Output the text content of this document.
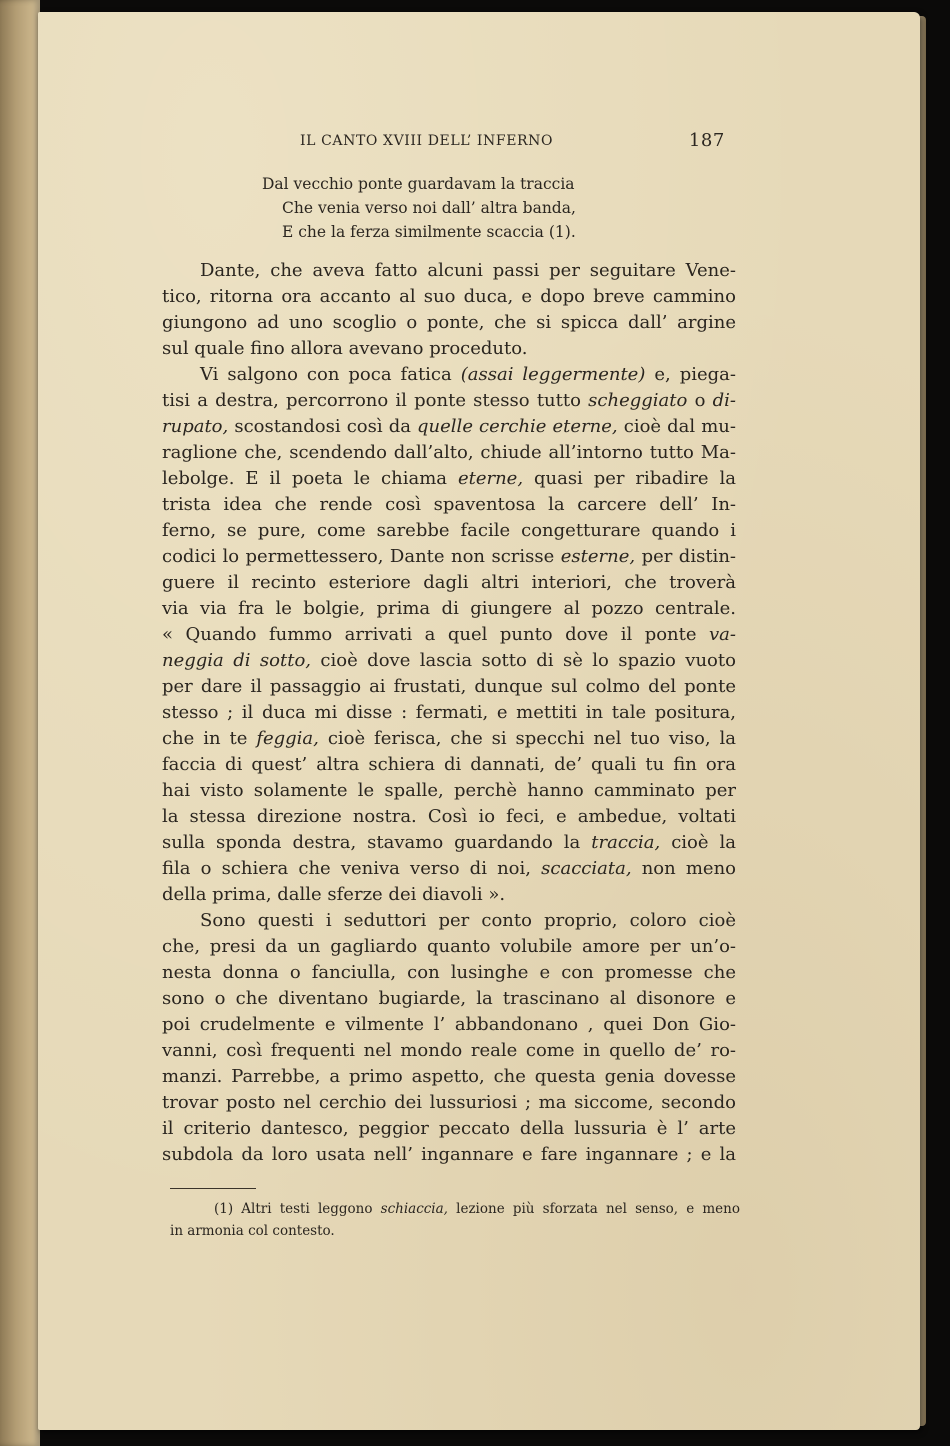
IL CANTO XVIII DELL’ INFERNO	187
Dal vecchio ponte guardavam la traccia
Che venia verso noi dall’ altra banda,
E che la ferza similmente scaccia (1).
Dante, che aveva fatto alcuni passi per seguitare Vene-
tico, ritorna ora accanto al suo duca, e dopo breve cammino
giungono ad uno scoglio o ponte, che si spicca dall’ argine
sul quale fino allora avevano proceduto.
Vi salgono con poca fatica (assai leggermente) e, piega-
tisi a destra, percorrono il ponte stesso tutto scheggiato o di-
rupato, scostandosi così da quelle cerchie eterne, cioè dal mu-
raglione che, scendendo dall’alto, chiude all’intorno tutto Ma-
lebolge. E il poeta le chiama eterne, quasi per ribadire la
trista idea che rende così spaventosa la carcere dell’ In-
ferno, se pure, come sarebbe facile congetturare quando i
codici lo permettessero, Dante non scrisse esterne, per distin-
guere il recinto esteriore dagli altri interiori, che troverà
via via fra le bolgie, prima di giungere al pozzo centrale.
« Quando fummo arrivati a quel punto dove il ponte va-
neggia di sotto, cioè dove lascia sotto di sè lo spazio vuoto
per dare il passaggio ai frustati, dunque sul colmo del ponte
stesso ; il duca mi disse : fermati, e mettiti in tale positura,
che in te feggia, cioè ferisca, che si specchi nel tuo viso, la
faccia di quest’ altra schiera di dannati, de’ quali tu fin ora
hai visto solamente le spalle, perchè hanno camminato per
la stessa direzione nostra. Così io feci, e ambedue, voltati
sulla sponda destra, stavamo guardando la traccia, cioè la
fila o schiera che veniva verso di noi, scacciata, non meno
della prima, dalle sferze dei diavoli ».
Sono questi i seduttori per conto proprio, coloro cioè
che, presi da un gagliardo quanto volubile amore per un’o-
nesta donna o fanciulla, con lusinghe e con promesse che
sono o che diventano bugiarde, la trascinano al disonore e
poi crudelmente e vilmente l’ abbandonano , quei Don Gio-
vanni, così frequenti nel mondo reale come in quello de’ ro-
manzi. Parrebbe, a primo aspetto, che questa genia dovesse
trovar posto nel cerchio dei lussuriosi ; ma siccome, secondo
il criterio dantesco, peggior peccato della lussuria è l’ arte
subdola da loro usata nell’ ingannare e fare ingannare ; e la
(1) Altri testi leggono schiaccia, lezione più sforzata nel senso, e meno
in armonia col contesto.
